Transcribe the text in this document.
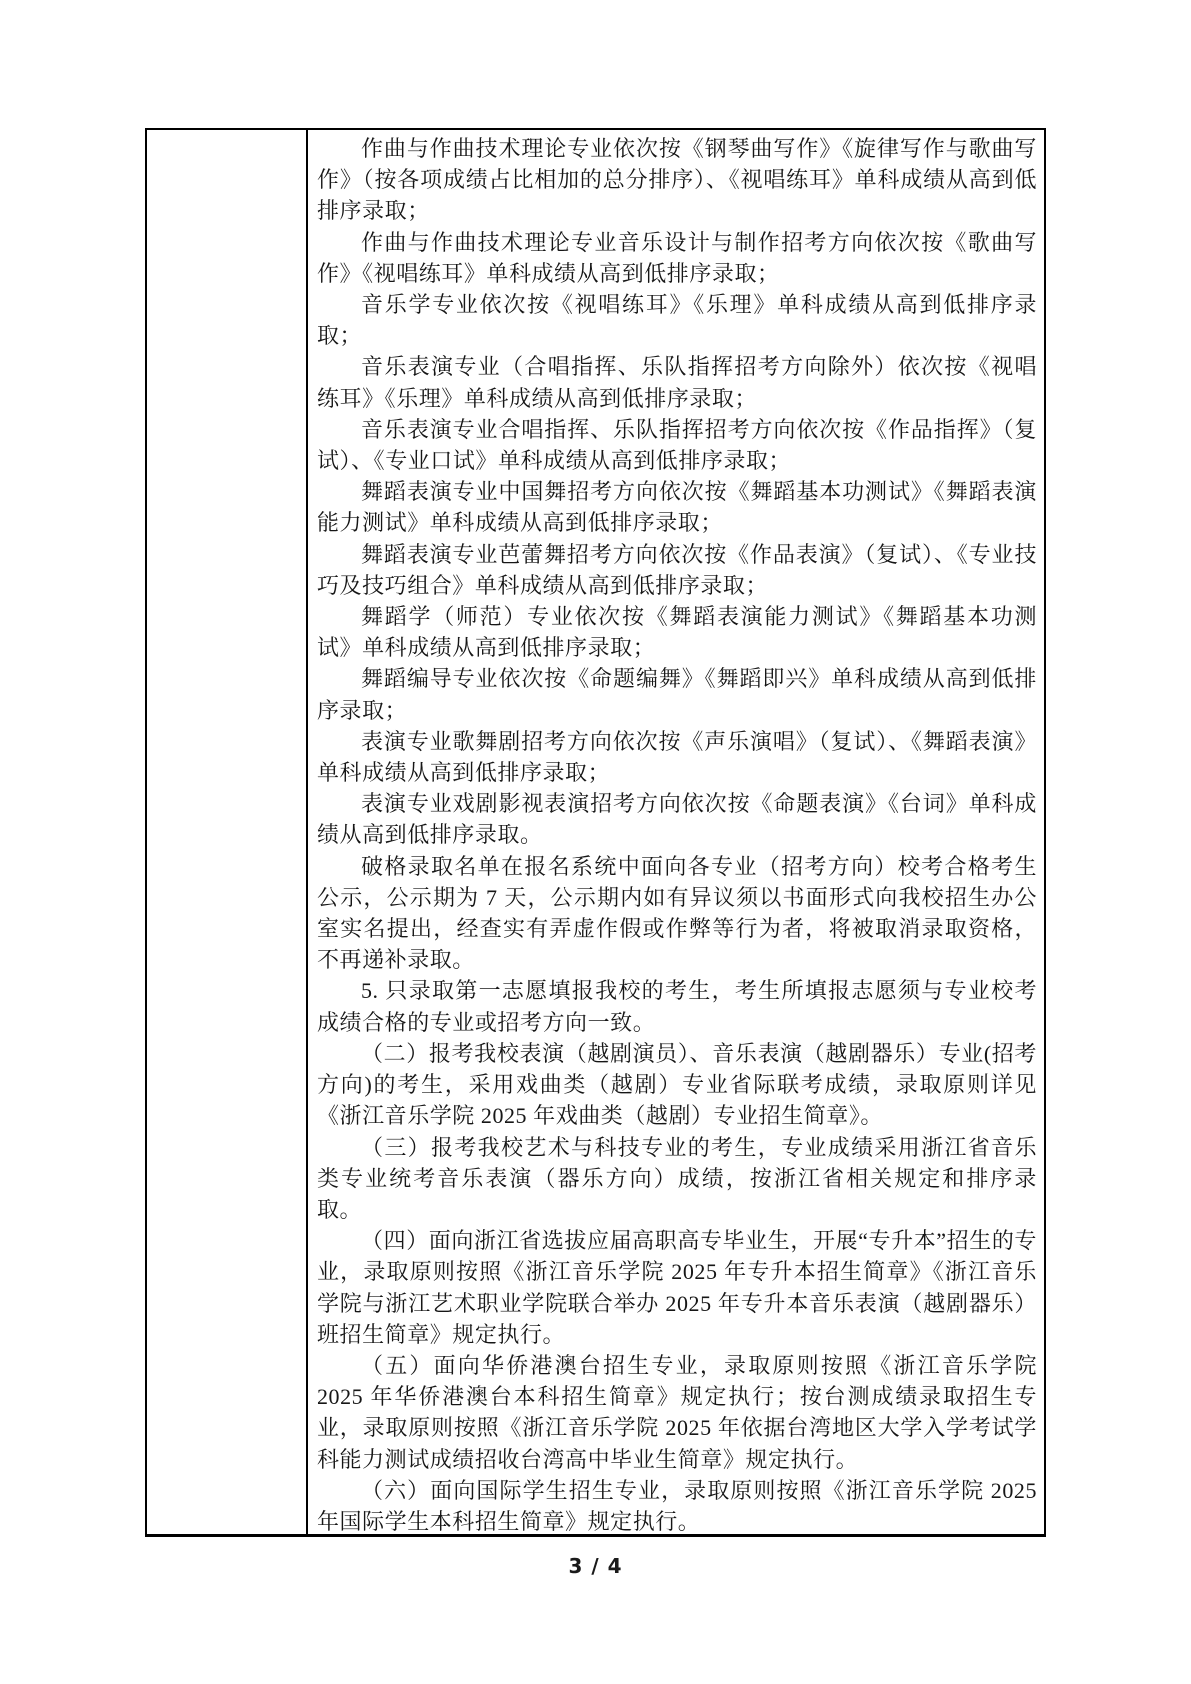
作曲与作曲技术理论专业依次按《钢琴曲写作》《旋律写作与歌曲写作》（按各项成绩占比相加的总分排序）、《视唱练耳》单科成绩从高到低排序录取；

作曲与作曲技术理论专业音乐设计与制作招考方向依次按《歌曲写作》《视唱练耳》单科成绩从高到低排序录取；

音乐学专业依次按《视唱练耳》《乐理》单科成绩从高到低排序录取；

音乐表演专业（合唱指挥、乐队指挥招考方向除外）依次按《视唱练耳》《乐理》单科成绩从高到低排序录取；

音乐表演专业合唱指挥、乐队指挥招考方向依次按《作品指挥》（复试）、《专业口试》单科成绩从高到低排序录取；

舞蹈表演专业中国舞招考方向依次按《舞蹈基本功测试》《舞蹈表演能力测试》单科成绩从高到低排序录取；

舞蹈表演专业芭蕾舞招考方向依次按《作品表演》（复试）、《专业技巧及技巧组合》单科成绩从高到低排序录取；

舞蹈学（师范）专业依次按《舞蹈表演能力测试》《舞蹈基本功测试》单科成绩从高到低排序录取；

舞蹈编导专业依次按《命题编舞》《舞蹈即兴》单科成绩从高到低排序录取；

表演专业歌舞剧招考方向依次按《声乐演唱》（复试）、《舞蹈表演》单科成绩从高到低排序录取；

表演专业戏剧影视表演招考方向依次按《命题表演》《台词》单科成绩从高到低排序录取。

破格录取名单在报名系统中面向各专业（招考方向）校考合格考生公示，公示期为 7 天，公示期内如有异议须以书面形式向我校招生办公室实名提出，经查实有弄虚作假或作弊等行为者，将被取消录取资格，不再递补录取。

5. 只录取第一志愿填报我校的考生，考生所填报志愿须与专业校考成绩合格的专业或招考方向一致。

（二）报考我校表演（越剧演员）、音乐表演（越剧器乐）专业(招考方向)的考生，采用戏曲类（越剧）专业省际联考成绩，录取原则详见《浙江音乐学院 2025 年戏曲类（越剧）专业招生简章》。

（三）报考我校艺术与科技专业的考生，专业成绩采用浙江省音乐类专业统考音乐表演（器乐方向）成绩，按浙江省相关规定和排序录取。

（四）面向浙江省选拔应届高职高专毕业生，开展“专升本”招生的专业，录取原则按照《浙江音乐学院 2025 年专升本招生简章》《浙江音乐学院与浙江艺术职业学院联合举办 2025 年专升本音乐表演（越剧器乐）班招生简章》规定执行。

（五）面向华侨港澳台招生专业，录取原则按照《浙江音乐学院 2025 年华侨港澳台本科招生简章》规定执行；按台测成绩录取招生专业，录取原则按照《浙江音乐学院 2025 年依据台湾地区大学入学考试学科能力测试成绩招收台湾高中毕业生简章》规定执行。

（六）面向国际学生招生专业，录取原则按照《浙江音乐学院 2025 年国际学生本科招生简章》规定执行。

3 / 4
